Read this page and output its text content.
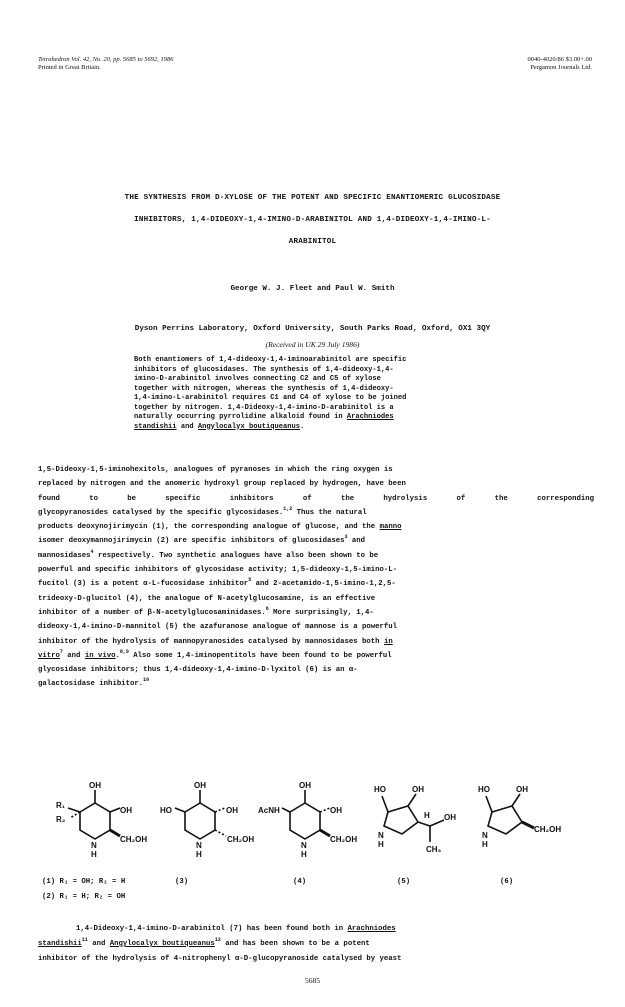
Tetrahedron Vol. 42, No. 20, pp. 5685 to 5692, 1986
Printed in Great Britain.
0040-4020/86 $3.00+.00
Pergamon Journals Ltd.
THE SYNTHESIS FROM D-XYLOSE OF THE POTENT AND SPECIFIC ENANTIOMERIC GLUCOSIDASE
INHIBITORS, 1,4-DIDEOXY-1,4-IMINO-D-ARABINITOL AND 1,4-DIDEOXY-1,4-IMINO-L-
ARABINITOL
George W. J. Fleet and Paul W. Smith
Dyson Perrins Laboratory, Oxford University, South Parks Road, Oxford, OX1 3QY
(Received in UK 29 July 1986)
Both enantiomers of 1,4-dideoxy-1,4-iminoarabinitol are specific
inhibitors of glucosidases. The synthesis of 1,4-dideoxy-1,4-
imino-D-arabinitol involves connecting C2 and C5 of xylose
together with nitrogen, whereas the synthesis of 1,4-dideoxy-
1,4-imino-L-arabinitol requires C1 and C4 of xylose to be joined
together by nitrogen. 1,4-Dideoxy-1,4-imino-D-arabinitol is a
naturally occurring pyrrolidine alkaloid found in Arachniodes
standishii and Angylocalyx boutiqueanus.
1,5-Dideoxy-1,5-iminohexitols, analogues of pyranoses in which the ring oxygen is
replaced by nitrogen and the anomeric hydroxyl group replaced by hydrogen, have been
found to be specific inhibitors of the hydrolysis of the corresponding
glycopyranosides catalysed by the specific glycosidases.$^{1,2}$ Thus the natural
products deoxynojirimycin (1), the corresponding analogue of glucose, and the manno
isomer deoxymannojirimycin (2) are specific inhibitors of glucosidases$^3$ and
mannosidases$^4$ respectively. Two synthetic analogues have also been shown to be
powerful and specific inhibitors of glycosidase activity; 1,5-dideoxy-1,5-imino-L-
fucitol (3) is a potent α-L-fucosidase inhibitor$^5$ and 2-acetamido-1,5-imino-1,2,5-
trideoxy-D-glucitol (4), the analogue of N-acetylglucosamine, is an effective
inhibitor of a number of β-N-acetylglucosaminidases.$^6$ More surprisingly, 1,4-
dideoxy-1,4-imino-D-mannitol (5) the azafuranose analogue of mannose is a powerful
inhibitor of the hydrolysis of mannopyranosides catalysed by mannosidases both in
vitro$^7$ and in vivo.$^{8,9}$ Also some 1,4-iminopentitols have been found to be powerful
glycosidase inhibitors; thus 1,4-dideoxy-1,4-imino-D-lyxitol (6) is an α-
galactosidase inhibitor.$^{10}$
OH
OH
R₁
R₂
CH₂OH
N
H
OH
OH
HO
CH₂OH
N
H
OH
OH
AcNH
CH₂OH
N
H
HO	OH
OH
H
N
H
CH₃
HO	OH
CH₂OH
N
H
(1) R₁ = OH; R₂ = H
(2) R₁ = H; R₂ = OH
(3)	(4)	(5)	(6)
1,4-Dideoxy-1,4-imino-D-arabinitol (7) has been found both in Arachniodes
standishii$^{11}$ and Angylocalyx boutiqueanus$^{12}$ and has been shown to be a potent
inhibitor of the hydrolysis of 4-nitrophenyl α-D-glucopyranoside catalysed by yeast
5685
